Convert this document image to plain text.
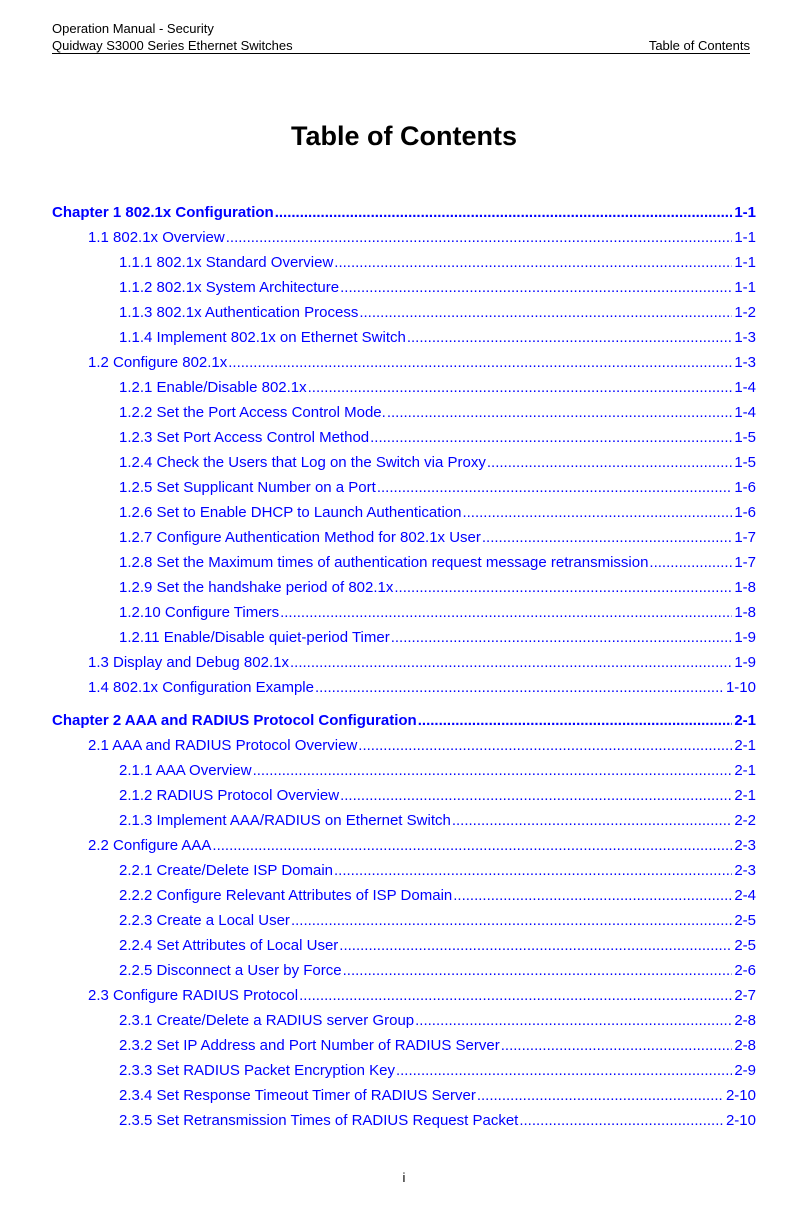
Operation Manual - Security
Quidway S3000 Series Ethernet Switches	Table of Contents
Table of Contents
Chapter 1 802.1x Configuration .....	1-1
1.1 802.1x Overview .....	1-1
1.1.1 802.1x Standard Overview .....	1-1
1.1.2 802.1x System Architecture .....	1-1
1.1.3 802.1x Authentication Process .....	1-2
1.1.4 Implement 802.1x on Ethernet Switch .....	1-3
1.2 Configure 802.1x .....	1-3
1.2.1 Enable/Disable 802.1x .....	1-4
1.2.2 Set the Port Access Control Mode. .....	1-4
1.2.3 Set Port Access Control Method .....	1-5
1.2.4 Check the Users that Log on the Switch via Proxy .....	1-5
1.2.5 Set Supplicant Number on a Port .....	1-6
1.2.6 Set to Enable DHCP to Launch Authentication .....	1-6
1.2.7 Configure Authentication Method for 802.1x User .....	1-7
1.2.8 Set the Maximum times of authentication request message retransmission .....	1-7
1.2.9 Set the handshake period of 802.1x .....	1-8
1.2.10 Configure Timers .....	1-8
1.2.11 Enable/Disable quiet-period Timer .....	1-9
1.3 Display and Debug 802.1x .....	1-9
1.4 802.1x Configuration Example .....	1-10
Chapter 2 AAA and RADIUS Protocol Configuration .....	2-1
2.1 AAA and RADIUS Protocol Overview .....	2-1
2.1.1 AAA Overview .....	2-1
2.1.2 RADIUS Protocol Overview .....	2-1
2.1.3 Implement AAA/RADIUS on Ethernet Switch .....	2-2
2.2 Configure AAA .....	2-3
2.2.1 Create/Delete ISP Domain .....	2-3
2.2.2 Configure Relevant Attributes of ISP Domain .....	2-4
2.2.3 Create a Local User .....	2-5
2.2.4 Set Attributes of Local User .....	2-5
2.2.5 Disconnect a User by Force .....	2-6
2.3 Configure RADIUS Protocol .....	2-7
2.3.1 Create/Delete a RADIUS server Group .....	2-8
2.3.2 Set IP Address and Port Number of RADIUS Server .....	2-8
2.3.3 Set RADIUS Packet Encryption Key .....	2-9
2.3.4 Set Response Timeout Timer of RADIUS Server .....	2-10
2.3.5 Set Retransmission Times of RADIUS Request Packet .....	2-10
i
